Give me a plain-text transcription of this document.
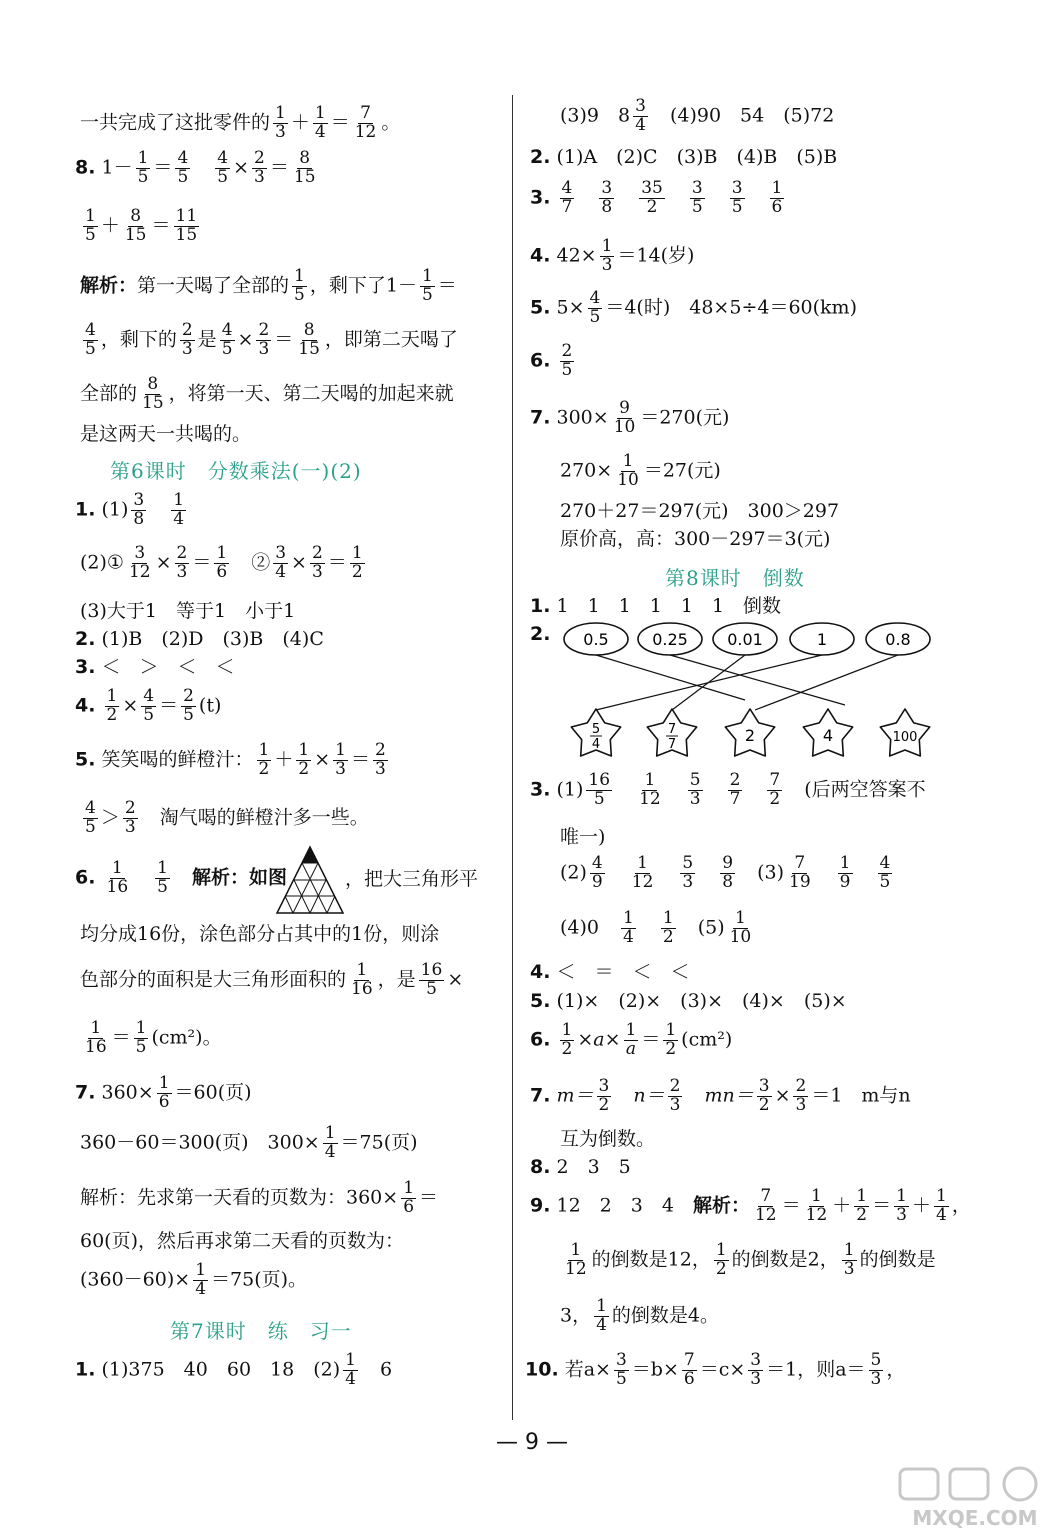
一共完成了这批零件的 $\frac{1}{3} + \frac{1}{4} = \frac{7}{12}$ 。
8. $1- \frac{1}{5} = \frac{4}{5}$
　 $\frac{4}{5} \times \frac{2}{3} = \frac{8}{15}$
$\frac{1}{5} + \frac{8}{15} = \frac{11}{15}$
解析：第一天喝了全部的 $\frac{1}{5}$ ，剩下了$1- \frac{1}{5}$ ＝
$\frac{4}{5}$ ，剩下的 $\frac{2}{3}$ 是 $\frac{4}{5} \times \frac{2}{3} = \frac{8}{15}$ ，即第二天喝了
全部的 $\frac{8}{15}$ ，将第一天、第二天喝的加起来就
是这两天一共喝的。
第6课时　分数乘法(一)(2)
1. $(1) \frac{3}{8}$
　 $\frac{1}{4}$
(2)① $\frac{3}{12} \times \frac{2}{3} = \frac{1}{6}$
　 ② $\frac{3}{4} \times \frac{2}{3} = \frac{1}{2}$
(3)大于1　等于1　小于1
2. (1)B　(2)D　(3)B　(4)C
3. ＜　＞　＜　＜
4. $\frac{1}{2} \times \frac{4}{5} = \frac{2}{5} (t)$
5. 笑笑喝的鲜橙汁： $\frac{1}{2} + \frac{1}{2} \times \frac{1}{3} = \frac{2}{3}$
$\frac{4}{5} > \frac{2}{3}$
　 淘气喝的鲜橙汁多一些。
6. $\frac{1}{16}$
　 $\frac{1}{5}$
　 解析：如图	，把大三角形平
均分成16份，涂色部分占其中的1份，则涂
色部分的面积是大三角形面积的 $\frac{1}{16}$ ，是 $\frac{16}{5}$ ×
$\frac{1}{16} = \frac{1}{5} (cm^2)$。
7. $360\times \frac{1}{6} =60$(页)
360－60＝300(页)　$300\times \frac{1}{4} =75$(页)
解析：先求第一天看的页数为：$360\times \frac{1}{6}$ ＝
60(页)，然后再求第二天看的页数为：
$(360-60)\times \frac{1}{4} =75$(页)。
第7课时　练　习一
1. (1)375　40　60　18　$(2) \frac{1}{4}$
　 6
(3)9　$8 \frac{3}{4}$
　 (4)90　54　(5)72
2. (1)A　(2)C　(3)B　(4)B　(5)B
3. $\frac{4}{7}$
　 $\frac{3}{8}$
　 $\frac{35}{2}$
　 $\frac{3}{5}$
　 $\frac{3}{5}$
　 $\frac{1}{6}$
4. $42\times \frac{1}{3} =14$(岁)
5. $5\times \frac{4}{5} =4$(时)　48×5÷4＝60(km)
6. $\frac{2}{5}$
7. $300\times \frac{9}{10} =270$(元)
$270\times \frac{1}{10} =27$(元)
270＋27＝297(元)　300＞297
原价高，高：300－297＝3(元)
第8课时　倒数
1. 1　1　1　1　1　1　倒数
2. 0.5	0.25 0.01	1	0.8
5
4
7
7	2	4	100
3. $(1) \frac{16}{5}$
　 $\frac{1}{12}$
　 $\frac{5}{3}$
　 $\frac{2}{7}$
　 $\frac{7}{2}$
　 (后两空答案不
唯一)
$(2) \frac{4}{9}$
　 $\frac{1}{12}$
　 $\frac{5}{3}$
　 $\frac{9}{8}$ 　$(3) \frac{7}{19}$
　 $\frac{1}{9}$
　 $\frac{4}{5}$
(4)0　 $\frac{1}{4}$
　 $\frac{1}{2}$ 　$(5) \frac{1}{10}$
4. ＜　＝　＜　＜
5. (1)×　(2)×　(3)×　(4)×　(5)×
6. $\frac{1}{2} \times a\times \frac{1}{a} = \frac{1}{2} (cm^2)$
7. $m= \frac{3}{2}$
　 $n= \frac{2}{3}$
　 $mn= \frac{3}{2} \times \frac{2}{3} =1$　m与n
互为倒数。
8. 2　3　5
9. 12　2　3　4　 解析： $\frac{7}{12} = \frac{1}{12} + \frac{1}{2} = \frac{1}{3} + \frac{1}{4}$ ，
$\frac{1}{12}$ 的倒数是12， $\frac{1}{2}$ 的倒数是2， $\frac{1}{3}$ 的倒数是
3， $\frac{1}{4}$ 的倒数是4。
10. 若$a\times \frac{3}{5} =b\times \frac{7}{6} =c\times \frac{3}{3} =1$，则$a= \frac{5}{3}$ ，
— 9 —
MXQE.COM
